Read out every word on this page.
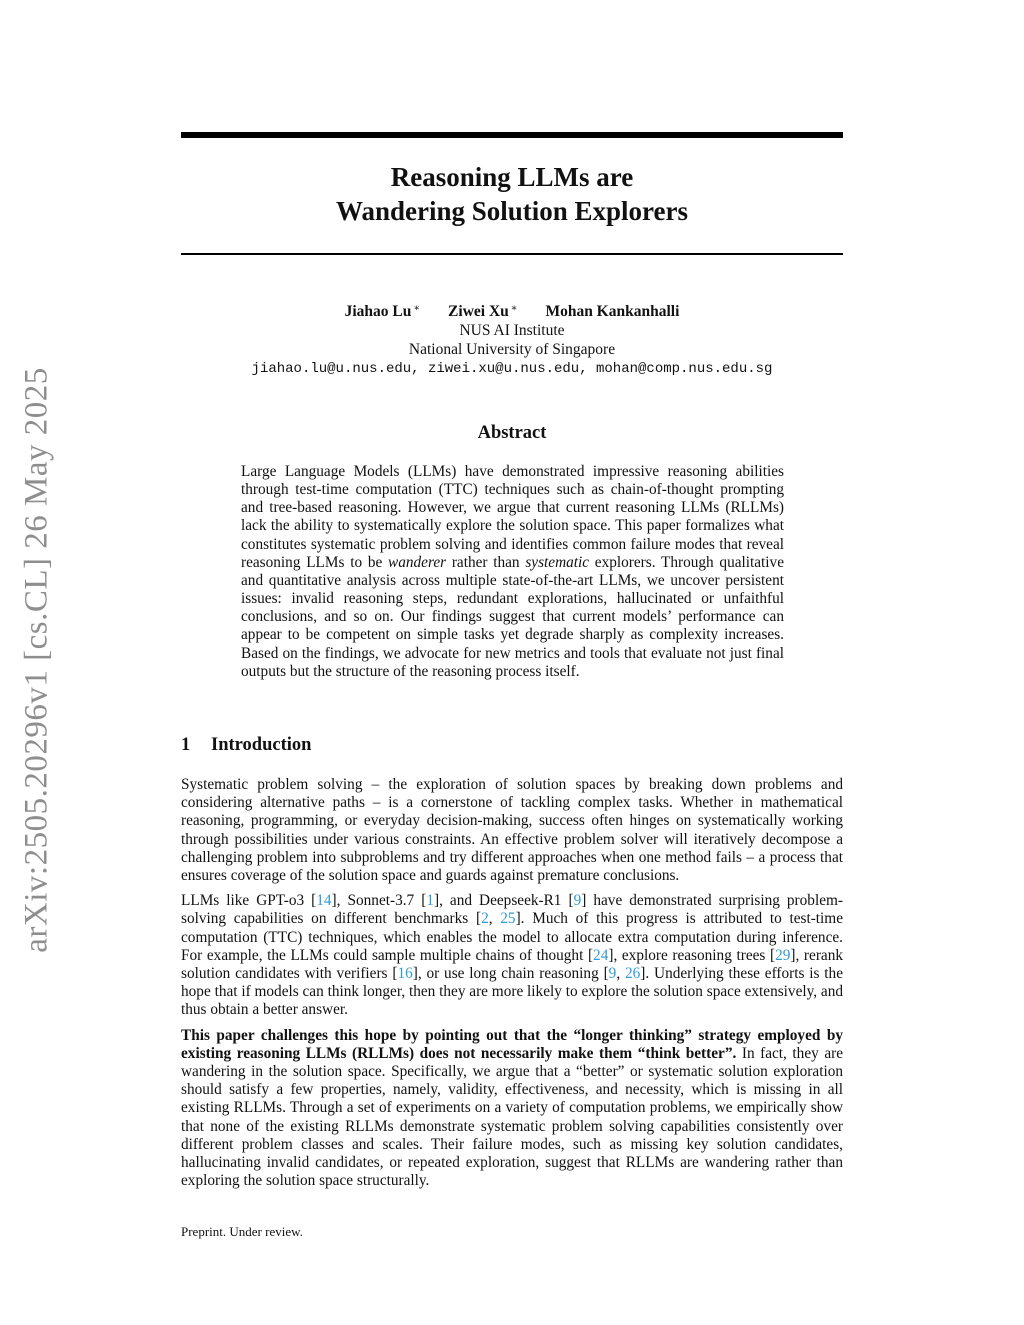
arXiv:2505.20296v1 [cs.CL] 26 May 2025
Reasoning LLMs are
Wandering Solution Explorers
Jiahao Lu ∗ Ziwei Xu ∗ Mohan Kankanhalli
NUS AI Institute
National University of Singapore
jiahao.lu@u.nus.edu, ziwei.xu@u.nus.edu, mohan@comp.nus.edu.sg
Abstract

Large Language Models (LLMs) have demonstrated impressive reasoning abilities through test-time computation (TTC) techniques such as chain-of-thought prompting and tree-based reasoning. However, we argue that current reasoning LLMs (RLLMs) lack the ability to systematically explore the solution space. This paper formalizes what constitutes systematic problem solving and identifies common failure modes that reveal reasoning LLMs to be wanderer rather than systematic explorers. Through qualitative and quantitative analysis across multiple state-of-the-art LLMs, we uncover persistent issues: invalid reasoning steps, redundant explorations, hallucinated or unfaithful conclusions, and so on. Our findings suggest that current models’ performance can appear to be competent on simple tasks yet degrade sharply as complexity increases. Based on the findings, we advocate for new metrics and tools that evaluate not just final outputs but the structure of the reasoning process itself.

1 Introduction

Systematic problem solving – the exploration of solution spaces by breaking down problems and considering alternative paths – is a cornerstone of tackling complex tasks. Whether in mathematical reasoning, programming, or everyday decision-making, success often hinges on systematically working through possibilities under various constraints. An effective problem solver will iteratively decompose a challenging problem into subproblems and try different approaches when one method fails – a process that ensures coverage of the solution space and guards against premature conclusions.

LLMs like GPT-o3 [14], Sonnet-3.7 [1], and Deepseek-R1 [9] have demonstrated surprising problem-solving capabilities on different benchmarks [2, 25]. Much of this progress is attributed to test-time computation (TTC) techniques, which enables the model to allocate extra computation during inference. For example, the LLMs could sample multiple chains of thought [24], explore reasoning trees [29], rerank solution candidates with verifiers [16], or use long chain reasoning [9, 26]. Underlying these efforts is the hope that if models can think longer, then they are more likely to explore the solution space extensively, and thus obtain a better answer.

This paper challenges this hope by pointing out that the “longer thinking” strategy employed by existing reasoning LLMs (RLLMs) does not necessarily make them “think better”. In fact, they are wandering in the solution space. Specifically, we argue that a “better” or systematic solution exploration should satisfy a few properties, namely, validity, effectiveness, and necessity, which is missing in all existing RLLMs. Through a set of experiments on a variety of computation problems, we empirically show that none of the existing RLLMs demonstrate systematic problem solving capabilities consistently over different problem classes and scales. Their failure modes, such as missing key solution candidates, hallucinating invalid candidates, or repeated exploration, suggest that RLLMs are wandering rather than exploring the solution space structurally.

Preprint. Under review.
